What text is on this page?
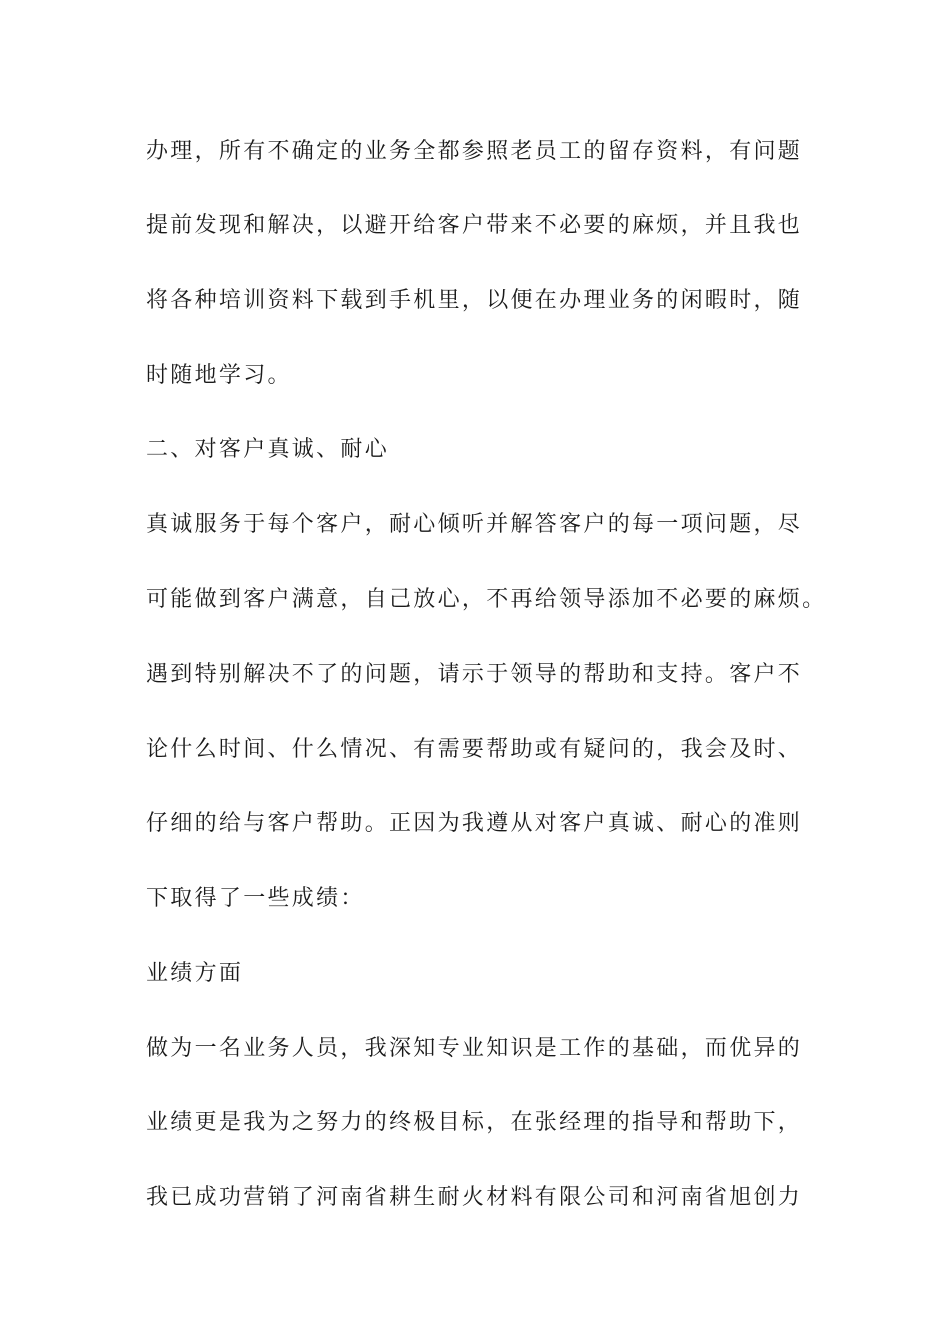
办理，所有不确定的业务全都参照老员工的留存资料，有问题
提前发现和解决，以避开给客户带来不必要的麻烦，并且我也
将各种培训资料下载到手机里，以便在办理业务的闲暇时，随
时随地学习。
二、对客户真诚、耐心
真诚服务于每个客户，耐心倾听并解答客户的每一项问题，尽
可能做到客户满意，自己放心，不再给领导添加不必要的麻烦。
遇到特别解决不了的问题，请示于领导的帮助和支持。客户不
论什么时间、什么情况、有需要帮助或有疑问的，我会及时、
仔细的给与客户帮助。正因为我遵从对客户真诚、耐心的准则
下取得了一些成绩：
业绩方面
做为一名业务人员，我深知专业知识是工作的基础，而优异的
业绩更是我为之努力的终极目标，在张经理的指导和帮助下，
我已成功营销了河南省耕生耐火材料有限公司和河南省旭创力
